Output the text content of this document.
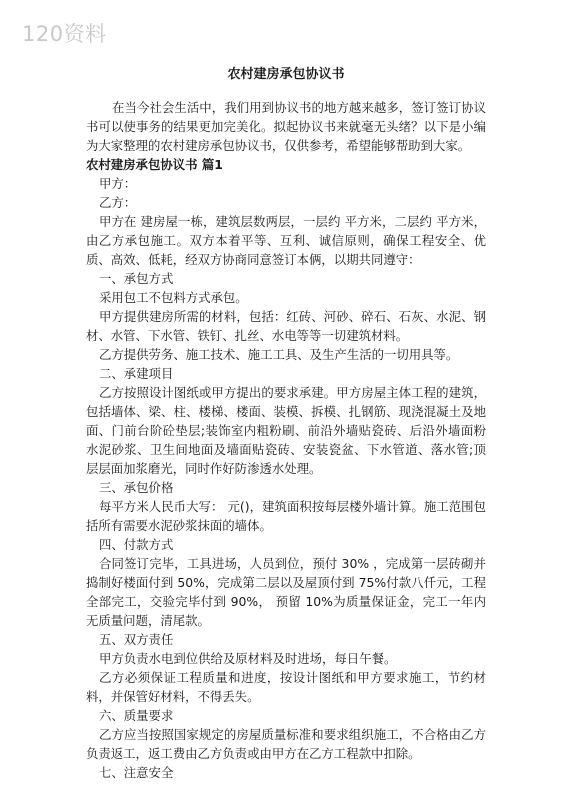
120资料
农村建房承包协议书

在当今社会生活中，我们用到协议书的地方越来越多，签订签订协议书可以使事务的结果更加完美化。拟起协议书来就毫无头绪？以下是小编为大家整理的农村建房承包协议书，仅供参考，希望能够帮助到大家。

农村建房承包协议书 篇1

甲方：

乙方：

甲方在 建房屋一栋，建筑层数两层，一层约 平方米，二层约 平方米，由乙方承包施工。双方本着平等、互利、诚信原则，确保工程安全、优质、高效、低耗，经双方协商同意签订本俩，以期共同遵守：

一、承包方式

采用包工不包料方式承包。

甲方提供建房所需的材料，包括：红砖、河砂、碎石、石灰、水泥、钢材、水管、下水管、铁钉、扎丝、水电等等一切建筑材料。

乙方提供劳务、施工技术、施工工具、及生产生活的一切用具等。

二、承建项目

乙方按照设计图纸或甲方提出的要求承建。甲方房屋主体工程的建筑，包括墙体、梁、柱、楼梯、楼面、装模、拆模、扎钢筋、现浇混凝土及地面、门前台阶砼垫层;装饰室内粗粉刷、前沿外墙贴瓷砖、后沿外墙面粉水泥砂浆、卫生间地面及墙面贴瓷砖、安装瓷盆、下水管道、落水管;顶层层面加浆磨光，同时作好防渗透水处理。

三、承包价格

每平方米人民币大写： 元()，建筑面积按每层楼外墙计算。施工范围包括所有需要水泥砂浆抹面的墙体。

四、付款方式

合同签订完毕，工具进场，人员到位，预付 30% ，完成第一层砖砌并捣制好楼面付到 50%，完成第二层以及屋顶付到 75%付款八仟元，工程全部完工，交验完毕付到 90%， 预留 10%为质量保证金，完工一年内无质量问题，清尾款。

五、双方责任

甲方负责水电到位供给及原材料及时进场，每日午餐。

乙方必须保证工程质量和进度，按设计图纸和甲方要求施工，节约材料，并保管好材料，不得丢失。

六、质量要求

乙方应当按照国家规定的房屋质量标准和要求组织施工，不合格由乙方负责返工，返工费由乙方负责或由甲方在乙方工程款中扣除。

七、注意安全
